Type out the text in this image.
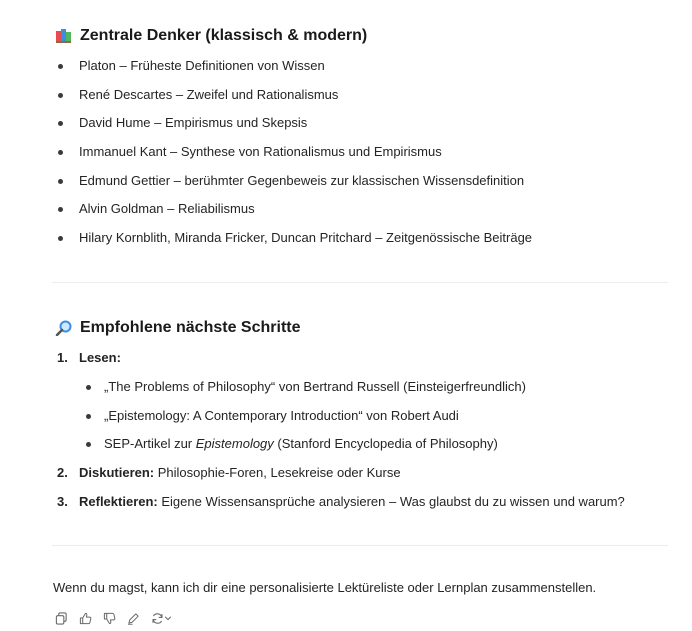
Zentrale Denker (klassisch & modern)
Platon – Früheste Definitionen von Wissen
René Descartes – Zweifel und Rationalismus
David Hume – Empirismus und Skepsis
Immanuel Kant – Synthese von Rationalismus und Empirismus
Edmund Gettier – berühmter Gegenbeweis zur klassischen Wissensdefinition
Alvin Goldman – Reliabilismus
Hilary Kornblith, Miranda Fricker, Duncan Pritchard – Zeitgenössische Beiträge
Empfohlene nächste Schritte
1. Lesen:
„The Problems of Philosophy“ von Bertrand Russell (Einsteigerfreundlich)
„Epistemology: A Contemporary Introduction“ von Robert Audi
SEP-Artikel zur Epistemology (Stanford Encyclopedia of Philosophy)
2. Diskutieren: Philosophie-Foren, Lesekreise oder Kurse
3. Reflektieren: Eigene Wissensansprüche analysieren – Was glaubst du zu wissen und warum?
Wenn du magst, kann ich dir eine personalisierte Lektüreliste oder Lernplan zusammenstellen.
